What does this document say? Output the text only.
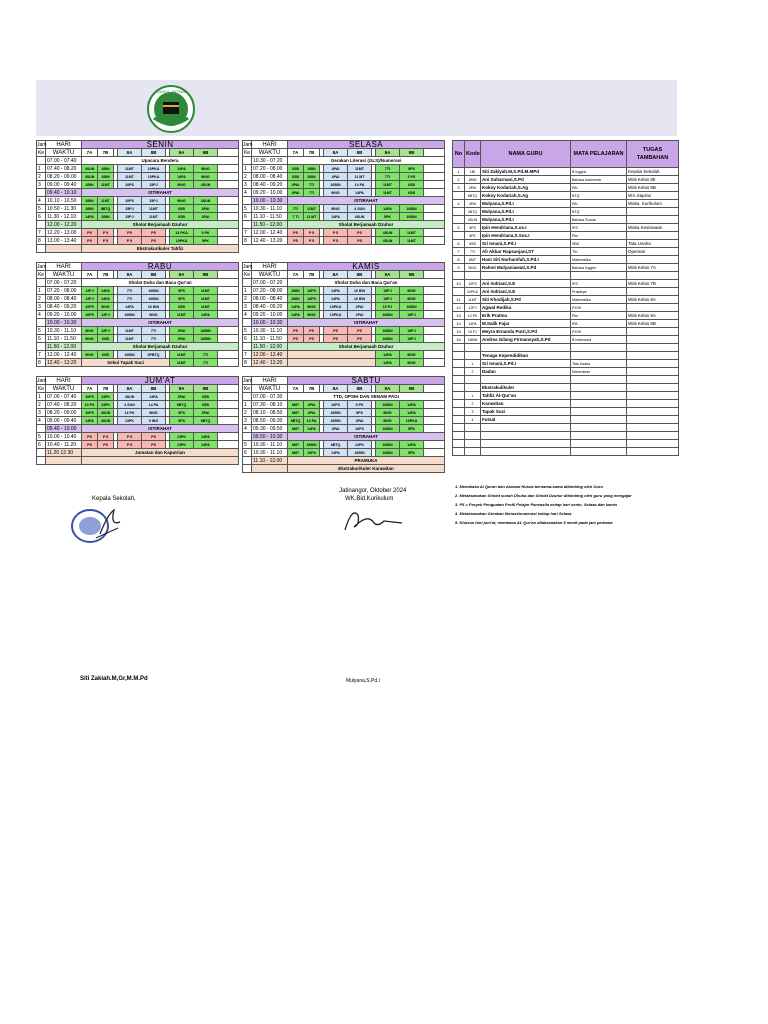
DARUL FATWA
Jam	HARI	SENIN								
Ke	WAKTU	7A	7B		8A	8B		9A	9B	
	07.00 - 07.40	Upacara Bendera								
1	07.40 - 08.20	4SUN	2BIN		11MT	10PKA		14PA	9ING	
2	08.20 - 09.00	4SUN	2BIN		11MT	10PKA		14PA	9ING	
3	09.00 - 09.40	2BIN	11MT		10PS	15PJ		9ING	4SUN	
	09.40 - 10.10	ISTIRAHAT								
4	10.10 - 10.50	2BIN	11MT		10PS	15PJ		9ING	4SUN	
5	10.50 - 11.30	2BIN	8BTQ		15PJ	11MT		6SB	3PAI	
6	11.30 - 12.10	14PA	2BIN		15PJ	11MT		6SB	3PAI	
	12.00 - 12.20	Sholat Berjamaah Dzuhur								
7	12.20 - 13.00	P5	P 5		P5	P5		13 PKA	5 PK	
8	13.00 - 13.40	P5	P 5		P 5	P5		10PKA	5PK	
		Ekstrakurikuler Tahfiz								
Jam	HARI	SELASA								
Ke	WAKTU	7A	7B		8A	8B		9A	9B	
	10.30 - 07.20	Gerakan Literasi (GLS)/Numerasi								
1	07.20 - 08.00	6SB	2BIN		4PAI	11MT		7TI	5PS	
2	08.00 - 08.40	6SB	2BIN		4PAI	11 MT		7TI	5 PS	
3	08.40 - 09.20	4PAI	7TI		16BIN	14 PA		11MT	6SB	
4	09.20 - 10.00	4PAI	7TI		9ING	14PA		11MT	6SB	
	10.00 - 10.30	ISTIRAHAT								
5	10.30 - 11.10	7TI	11MT		9ING	4 SUN		14PA	16BIN	
6	11.10 - 11.50	7 TI	11 MT		14PA	4SUN		5PK	16BIN	
	11.50 - 12.00	Sholat Berjamaah Dzuhur								
7	12.00 - 12.40	P5	P 5		P 5	P5		4SUN	11MT	
8	12.40 - 13.20	P5	P 5		P 5	P5		4SUN	11MT	
Jam	HARI	RABU								
Ke	WAKTU	7A	7B		8A	8B		9A	9B	
	07.00 - 07.20	Sholat Duha dan Baca Qur'an								
1	07.20 - 08.00	12PJ	14PA		7TI	16BIN		5PS	11MT	
2	08.00 - 08.40	12PJ	14PA		7TI	16BIN		5PS	11MT	
3	08.40 - 09.20	10PS	9ING		14PA	16 BIN		6SB	11MT	
4	09.20 - 10.00	10PS	12PJ		16BIN	9ING		11MT	14PA	
	10.00 - 10.30	ISTIRAHAT								
5	10.30 - 11.10	9ING	12PJ		11MT	7TI		3PAI	16BIN	
6	11.10 - 11.50	9ING	6SB		11MT	7TI		3PAI	16BIN	
	11.50 - 12.00	Sholat Berjamaah Dzuhur								
7	12.00 - 12.40	9ING	6SB		16BIN	3PBTQ		11MT	7TI	
8	12.40 - 13.20	Sekul Tapak Suci						11MT	7TI	
Jam	HARI	KAMIS								
Ke	WAKTU	7A	7B		8A	8B		9A	9B	
	07.00 - 07.20	Sholat Duha dan Baca Qur'an								
1	07.20 - 08.00	2BIN	10PS		14PA	16 BIN		15PJ	9ING	
2	08.00 - 08.40	2BIN	10PS		14PA	16 BIN		15PJ	9ING	
3	08.40 - 09.20	14PA	9ING		10PKA	2PAI		15 PJ	16BIN	
4	09.20 - 10.00	14PA	9ING		10PKA	2PAI		16BIN	15PJ	
	10.00 - 10.30	ISTIRAHAT								
5	10.30 - 11.10	P5	P5		P5	P5		16BIN	15PJ	
6	11.10 - 11.50	P5	P5		P5	P5		16BIN	15PJ	
	11.50 - 12.00	Sholat Berjamaah Dzuhur								
7	12.00 - 12.40							14PA	9ING	
8	12.40 - 13.20							14PA	9ING	
Jam	HARI	JUM'AT								
Ke	WAKTU	7A	7B		8A	8B		9A	9B	
1	07.00 - 07.40	10PS	13PK		4SUN	14PA		3PAI	6SB	
2	07.40 - 08.20	10 PS	13PK		4 SUN	14 PA		8BTQ	6SB	
3	08.20 - 09.00	10PS	4SUN		13 PK	9ING		5PS	3PAI	
4	09.00 - 09.40	14PA	4SUN		13PK	9 ING		5PS	8BTQ	
	09.40 - 10.00	ISTIRAHAT								
5	10.00 - 10.40	P5	P 5		P 5	P5		13PK	14PA	
6	10.40 - 11.20	P5	P5		P 5	P5		13PK	14PA	
	11.20 12.30	Jumatan dan Kaputrian								

Jam	HARI	SABTU								
Ke	WAKTU	7A	7B		8A	8B		9A	9B	
	07.00 - 07.30	TTD, OPSIH DAN SENAM PAGI								
1	07.30 - 08.10	8MT	4PAI		10PS	5 PS		16BIN	14PA	
2	08.10 - 08.50	8MT	4PAI		16BIN	5PS		9ING	14PA	
3	08.50 - 09.30	8BTQ	14 PA		16BIN	4PAI		9ING	10PKA	
4	09.30 - 09.50	8MT	14PA		4PAI	10PS		16BIN	5PK	
	09.50 - 10.30	ISTIRAHAT								
5	10.30 - 11.10	8MT	16BIN		8BTQ	12PK		16BIN	14PA	
6	10.30 - 11.10	8MT	10PS		14PA	16BIN		16BIN	5PK	
	11.10 - 12.00	PRAMUKA								
		Ekstrakurikuler Karawitan								
No	Kode	NAMA GURU	MATA PELAJARAN	TUGAS TAMBAHAN
1	1BI	Siti Zakiyah.M,S.Pd.M.MPd	B Inggris	Kepala Sekolah
2	2BIN	Ani Suharnani,S.Pd	Bahasa Indonesia	Wali Kelas 8b
3	3PAI	Kokoy Kodariah,S.Ag	PAI	Wali Kelas 9B
	8BTQ	Kokoy Kodariah,S.Ag	BTQ	W.k.Sapras
4	4PAI	Mulyana,S.Pd.I	PAI	Waka. Kurikulum
	4BTQ	Mulyana,S.Pd.I	BTQ	
	4SUN	Mulyana,S.Pd.I	Bahasa Sunda	
5	5PS	Ipin Hendriana,S.os.I	IPS	Waka.Kesiswaan
	5PK	Ipin Hendriana,S.Sos.I	Pkn	
6	6SB	Sri Isnani,S.Pd.I	SBK	Tata Usaha
7	7TI	Ali Akbar Rapsanjani,ST	TIK	Operator
8	8MT	Hani Siti Nurhanifah,S.Pd.I	Matematika	
9	9ING	Rahmi Mulyaniawati,S.Pd	Bahasa Inggris	Wali Kelas 7A

10	10PS	Ani Indriani,S.E	IPS	Wali Kelas 7B
	10PKA	Ani Indriani,S.E	Prakarya	
11	11MT	Siti Khodijah,S.Pd	Matematika	Wali Kelas 8A
12	12PJ	Agwal Redika	PJOK	
13	13 PK	Erik Pratma	Pkn	Wali Kelas 9A
14	14PA	M.Salik Fajar	IPA	Wali Kelas 8B
15	15 PJ	Meyra Ernanda Putri,S.Pd	PJOK	
16	16BIN	Andrea Gilang Firmansyah,S.Pd	B.Indonesia	

		Tenaga Kependidikan		
	1	Sri Isnani,S.Pd.I	Tata Usaha	
	2	Dadan	Kebersihan	

		Ekstrakulikuler		
	1	Tahfiz Al-Qur'an		
	2	Karawitan		
	3	Tapak Suci		
	4	Futsal		

1. Membiasa Al Quran dan Asmaul Husna bersama-sama dibimbing oleh Guru
2. Melaksanakan Sholat sunah Dhuha dan Sholat Dzuhur dibimbing oleh guru yang mengajar
3. P5 = Proyek Penguatan Profil Pelajar Pancasila setiap hari senin, Selasa dan kamis
4. Melaksanakan Gerakan literasi/numerasi setiap hari Selasa
5. Khusus hari jum'at, membaca AL Qur'an dilaksanakan 5 menit pada jam pertama
Kepala Sekolah,
Siti Zakiah.M,Gr,M.M.Pd
Jatinangor, Oktober 2024
WK.Bid.Kurikulum
Mulyana,S.Pd.I
